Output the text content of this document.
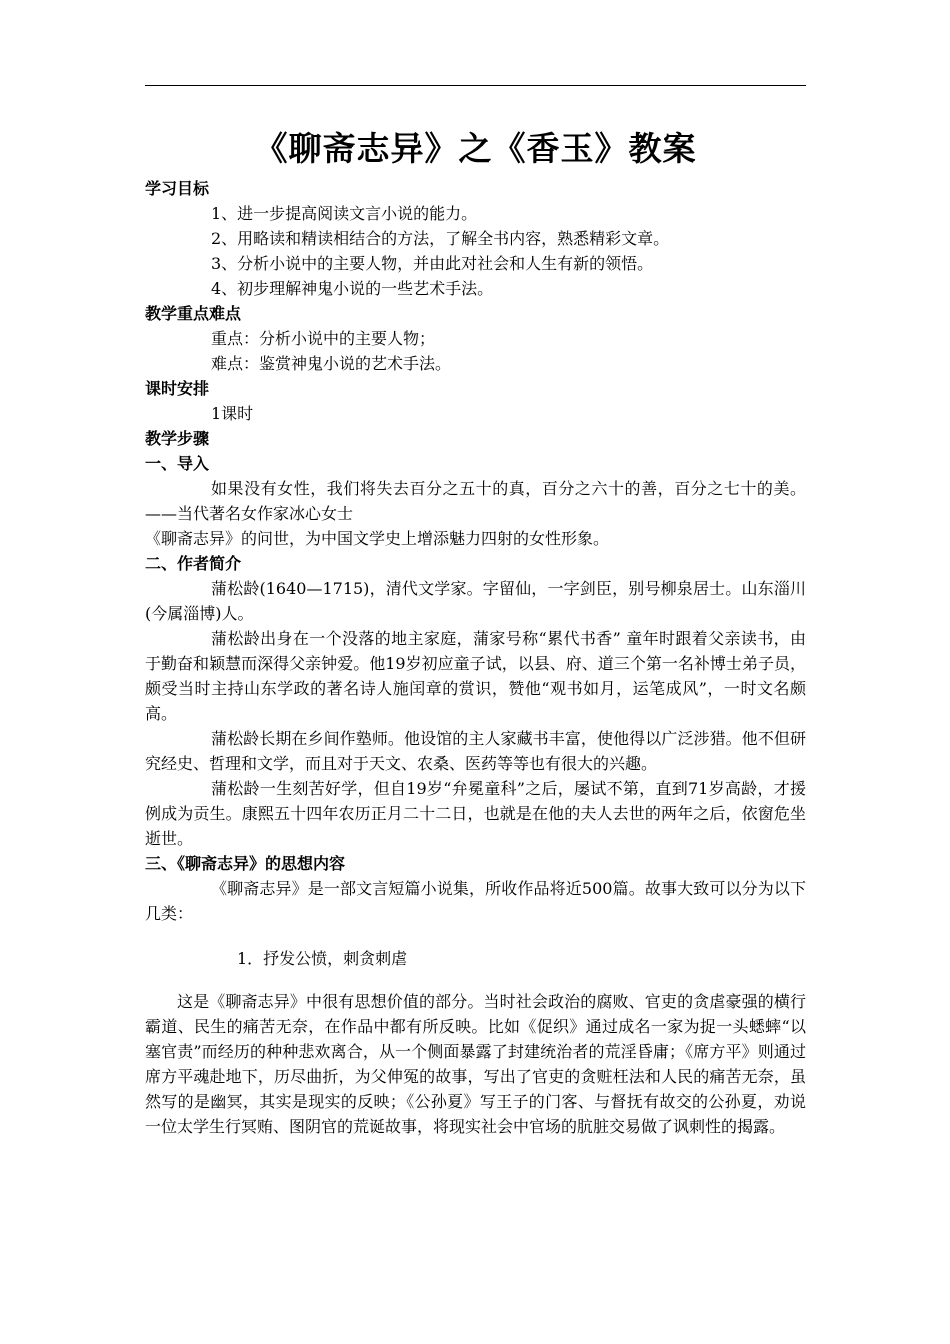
《聊斋志异》之《香玉》教案
学习目标
1、进一步提高阅读文言小说的能力。
2、用略读和精读相结合的方法，了解全书内容，熟悉精彩文章。
3、分析小说中的主要人物，并由此对社会和人生有新的领悟。
4、初步理解神鬼小说的一些艺术手法。
教学重点难点
重点：分析小说中的主要人物；
难点：鉴赏神鬼小说的艺术手法。
课时安排
1课时
教学步骤
一、导入
如果没有女性，我们将失去百分之五十的真，百分之六十的善，百分之七十的美。——当代著名女作家冰心女士
《聊斋志异》的问世，为中国文学史上增添魅力四射的女性形象。
二、作者简介
蒲松龄(1640—1715)，清代文学家。字留仙，一字剑臣，别号柳泉居士。山东淄川　 (今属淄博)人。
蒲松龄出身在一个没落的地主家庭，蒲家号称“累代书香” 童年时跟着父亲读书，由于勤奋和颖慧而深得父亲钟爱。他19岁初应童子试，以县、府、道三个第一名补博士弟子员，颇受当时主持山东学政的著名诗人施闰章的赏识，赞他“观书如月，运笔成风”，一时文名颇高。
蒲松龄长期在乡间作塾师。他设馆的主人家藏书丰富，使他得以广泛涉猎。他不但研究经史、哲理和文学，而且对于天文、农桑、医药等等也有很大的兴趣。
蒲松龄一生刻苦好学，但自19岁“弁冕童科”之后，屡试不第，直到71岁高龄，才援例成为贡生。康熙五十四年农历正月二十二日，也就是在他的夫人去世的两年之后，依窗危坐逝世。
三、《聊斋志异》的思想内容
《聊斋志异》是一部文言短篇小说集，所收作品将近500篇。故事大致可以分为以下几类：
1．抒发公愤，刺贪刺虐
这是《聊斋志异》中很有思想价值的部分。当时社会政治的腐败、官吏的贪虐豪强的横行霸道、民生的痛苦无奈，在作品中都有所反映。比如《促织》通过成名一家为捉一头蟋蟀“以塞官责”而经历的种种悲欢离合，从一个侧面暴露了封建统治者的荒淫昏庸；《席方平》则通过席方平魂赴地下，历尽曲折，为父伸冤的故事，写出了官吏的贪赃枉法和人民的痛苦无奈，虽然写的是幽冥，其实是现实的反映；《公孙夏》写王子的门客、与督抚有故交的公孙夏，劝说一位太学生行冥贿、图阴官的荒诞故事，将现实社会中官场的肮脏交易做了讽刺性的揭露。
